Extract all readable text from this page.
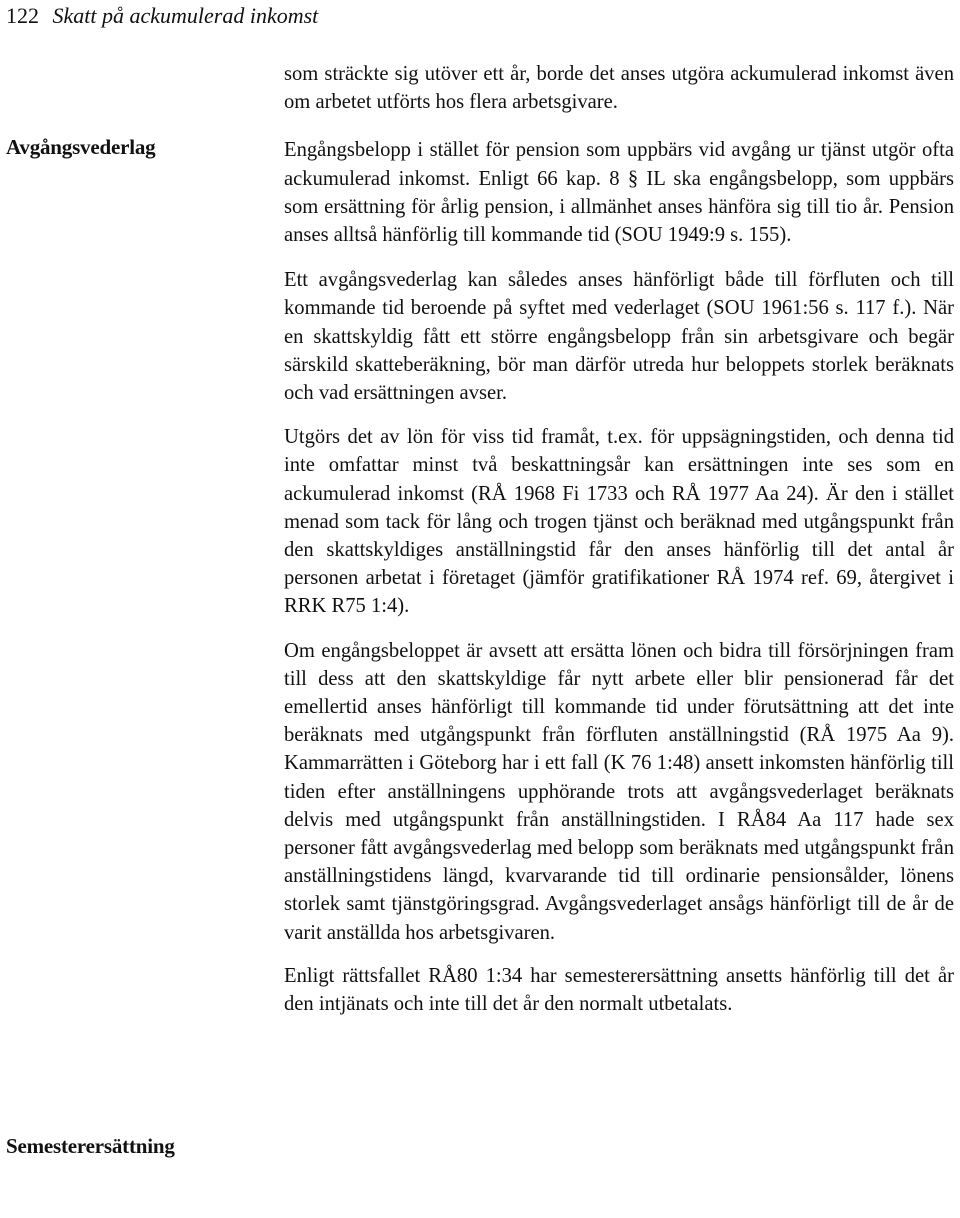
122 Skatt på ackumulerad inkomst
Avgångsvederlag
Semesterersättning

som sträckte sig utöver ett år, borde det anses utgöra ackumulerad inkomst även om arbetet utförts hos flera arbetsgivare.

Engångsbelopp i stället för pension som uppbärs vid avgång ur tjänst utgör ofta ackumulerad inkomst. Enligt 66 kap. 8 § IL ska engångsbelopp, som uppbärs som ersättning för årlig pension, i allmänhet anses hänföra sig till tio år. Pension anses alltså hänförlig till kommande tid (SOU 1949:9 s. 155).

Ett avgångsvederlag kan således anses hänförligt både till förfluten och till kommande tid beroende på syftet med vederlaget (SOU 1961:56 s. 117 f.). När en skattskyldig fått ett större engångsbelopp från sin arbetsgivare och begär särskild skatteberäkning, bör man därför utreda hur beloppets storlek beräknats och vad ersättningen avser.

Utgörs det av lön för viss tid framåt, t.ex. för uppsägningstiden, och denna tid inte omfattar minst två beskattningsår kan ersättningen inte ses som en ackumulerad inkomst (RÅ 1968 Fi 1733 och RÅ 1977 Aa 24). Är den i stället menad som tack för lång och trogen tjänst och beräknad med utgångspunkt från den skattskyldiges anställningstid får den anses hänförlig till det antal år personen arbetat i företaget (jämför gratifikationer RÅ 1974 ref. 69, återgivet i RRK R75 1:4).

Om engångsbeloppet är avsett att ersätta lönen och bidra till försörjningen fram till dess att den skattskyldige får nytt arbete eller blir pensionerad får det emellertid anses hänförligt till kommande tid under förutsättning att det inte beräknats med utgångspunkt från förfluten anställningstid (RÅ 1975 Aa 9). Kammarrätten i Göteborg har i ett fall (K 76 1:48) ansett inkomsten hänförlig till tiden efter anställningens upphörande trots att avgångsvederlaget beräknats delvis med utgångspunkt från anställningstiden. I RÅ84 Aa 117 hade sex personer fått avgångsvederlag med belopp som beräknats med utgångspunkt från anställningstidens längd, kvarvarande tid till ordinarie pensionsålder, lönens storlek samt tjänstgöringsgrad. Avgångsvederlaget ansågs hänförligt till de år de varit anställda hos arbetsgivaren.

Enligt rättsfallet RÅ80 1:34 har semesterersättning ansetts hänförlig till det år den intjänats och inte till det år den normalt utbetalats.
